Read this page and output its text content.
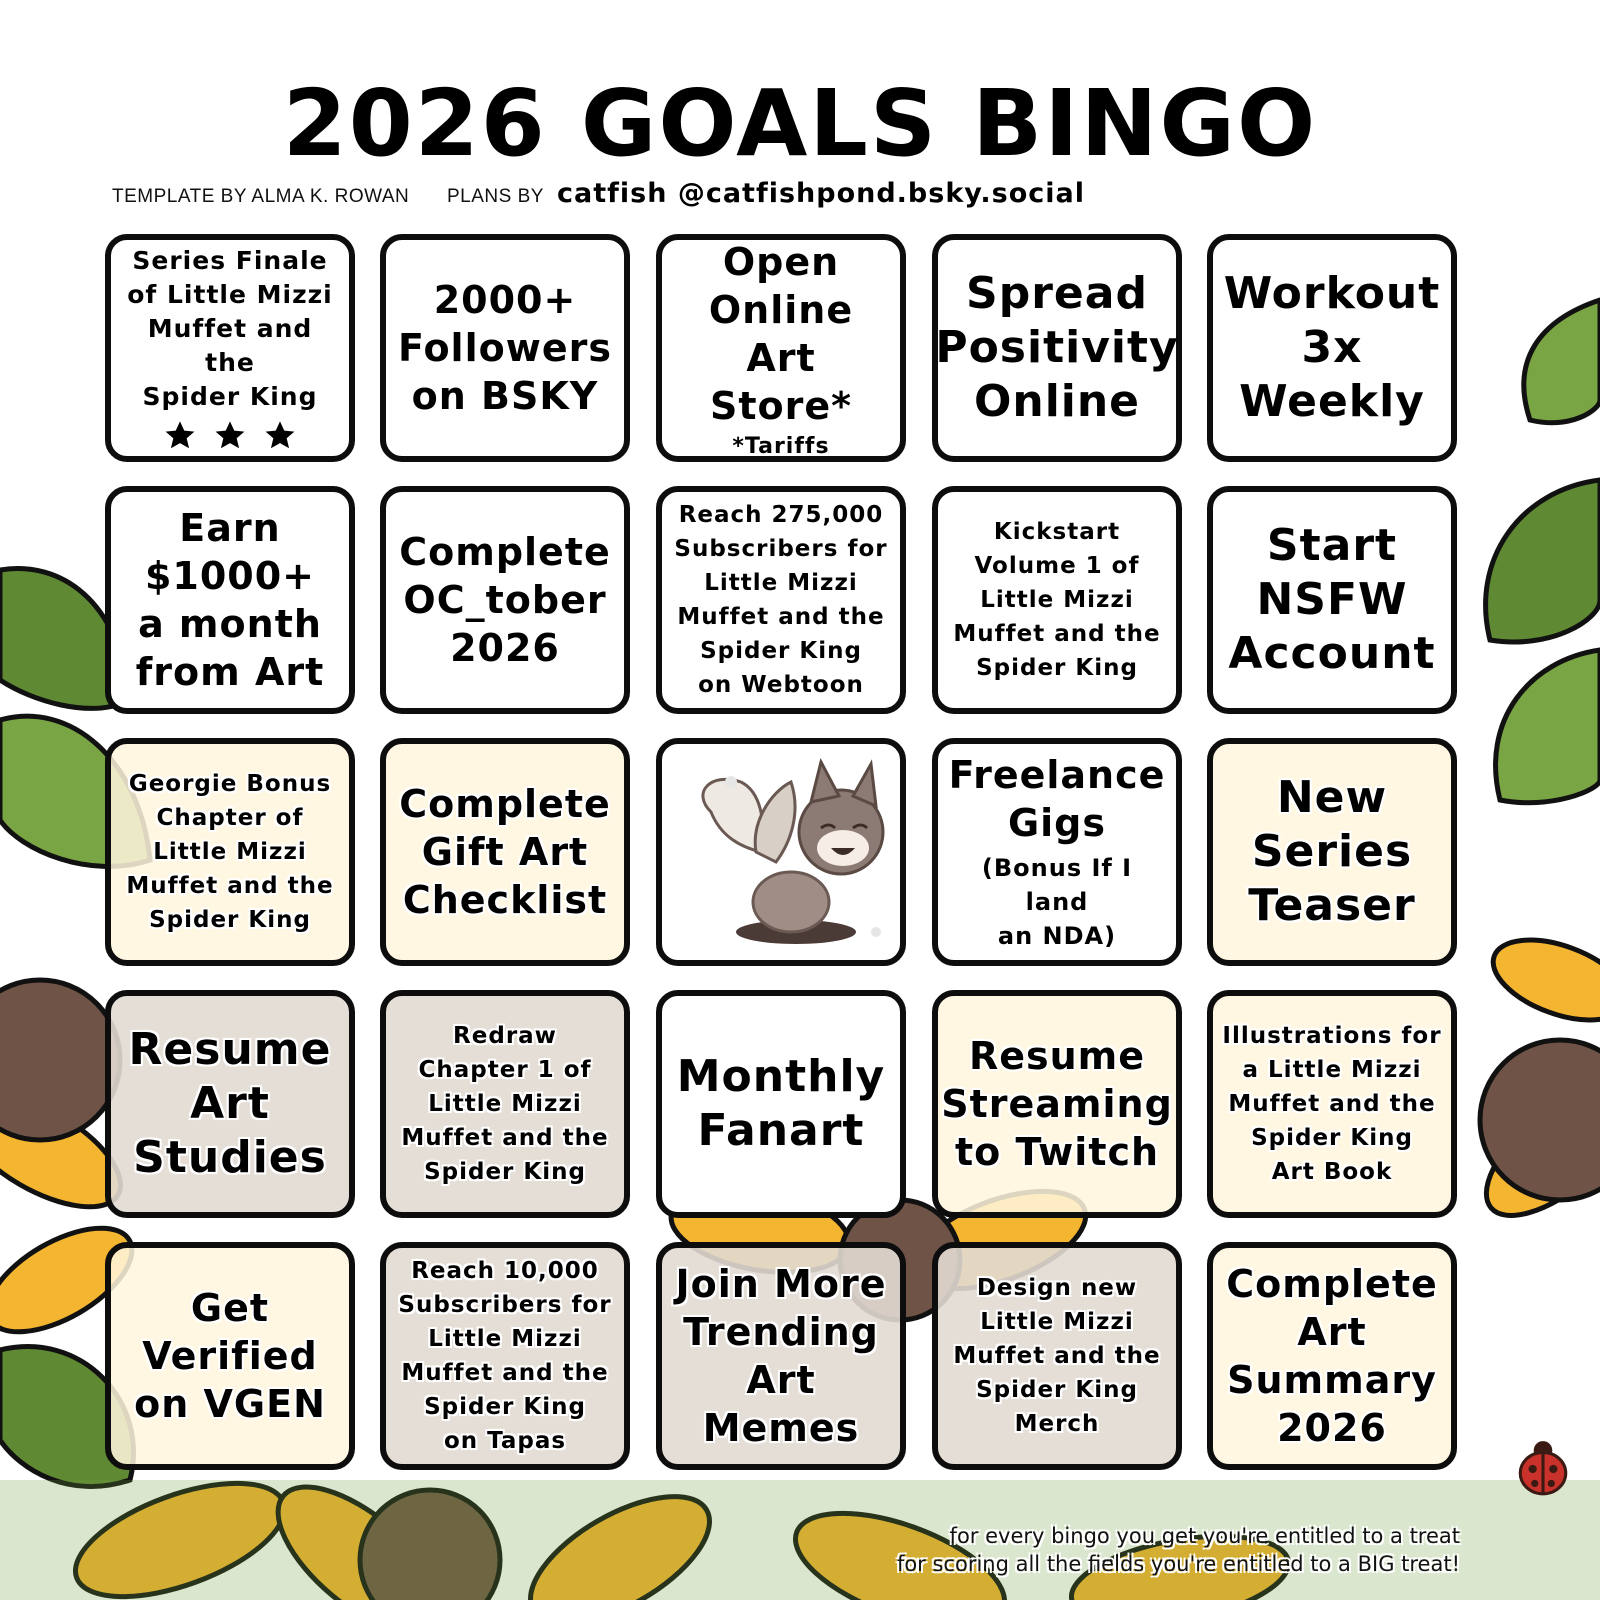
2026 GOALS BINGO
TEMPLATE BY ALMA K. ROWAN PLANS BY catfish @catfishpond.bsky.social
Series Finale
of Little Mizzi
Muffet and the
Spider King
2000+
Followers
on BSKY
Open
Online
Art Store*
*Tariffs
Spread
Positivity
Online
Workout
3x
Weekly
Earn
$1000+
a month
from Art
Complete
OC_tober
2026
Reach 275,000
Subscribers for
Little Mizzi
Muffet and the
Spider King
on Webtoon
Kickstart
Volume 1 of
Little Mizzi
Muffet and the
Spider King
Start
NSFW
Account
Georgie Bonus
Chapter of
Little Mizzi
Muffet and the
Spider King
Complete
Gift Art
Checklist
Freelance
Gigs
(Bonus If I land
an NDA)
New
Series
Teaser
Resume
Art
Studies
Redraw
Chapter 1 of
Little Mizzi
Muffet and the
Spider King
Monthly
Fanart
Resume
Streaming
to Twitch
Illustrations for
a Little Mizzi
Muffet and the
Spider King
Art Book
Get
Verified
on VGEN
Reach 10,000
Subscribers for
Little Mizzi
Muffet and the
Spider King
on Tapas
Join More
Trending
Art Memes
Design new
Little Mizzi
Muffet and the
Spider King
Merch
Complete
Art
Summary
2026
for every bingo you get you're entitled to a treat
for scoring all the fields you're entitled to a BIG treat!
